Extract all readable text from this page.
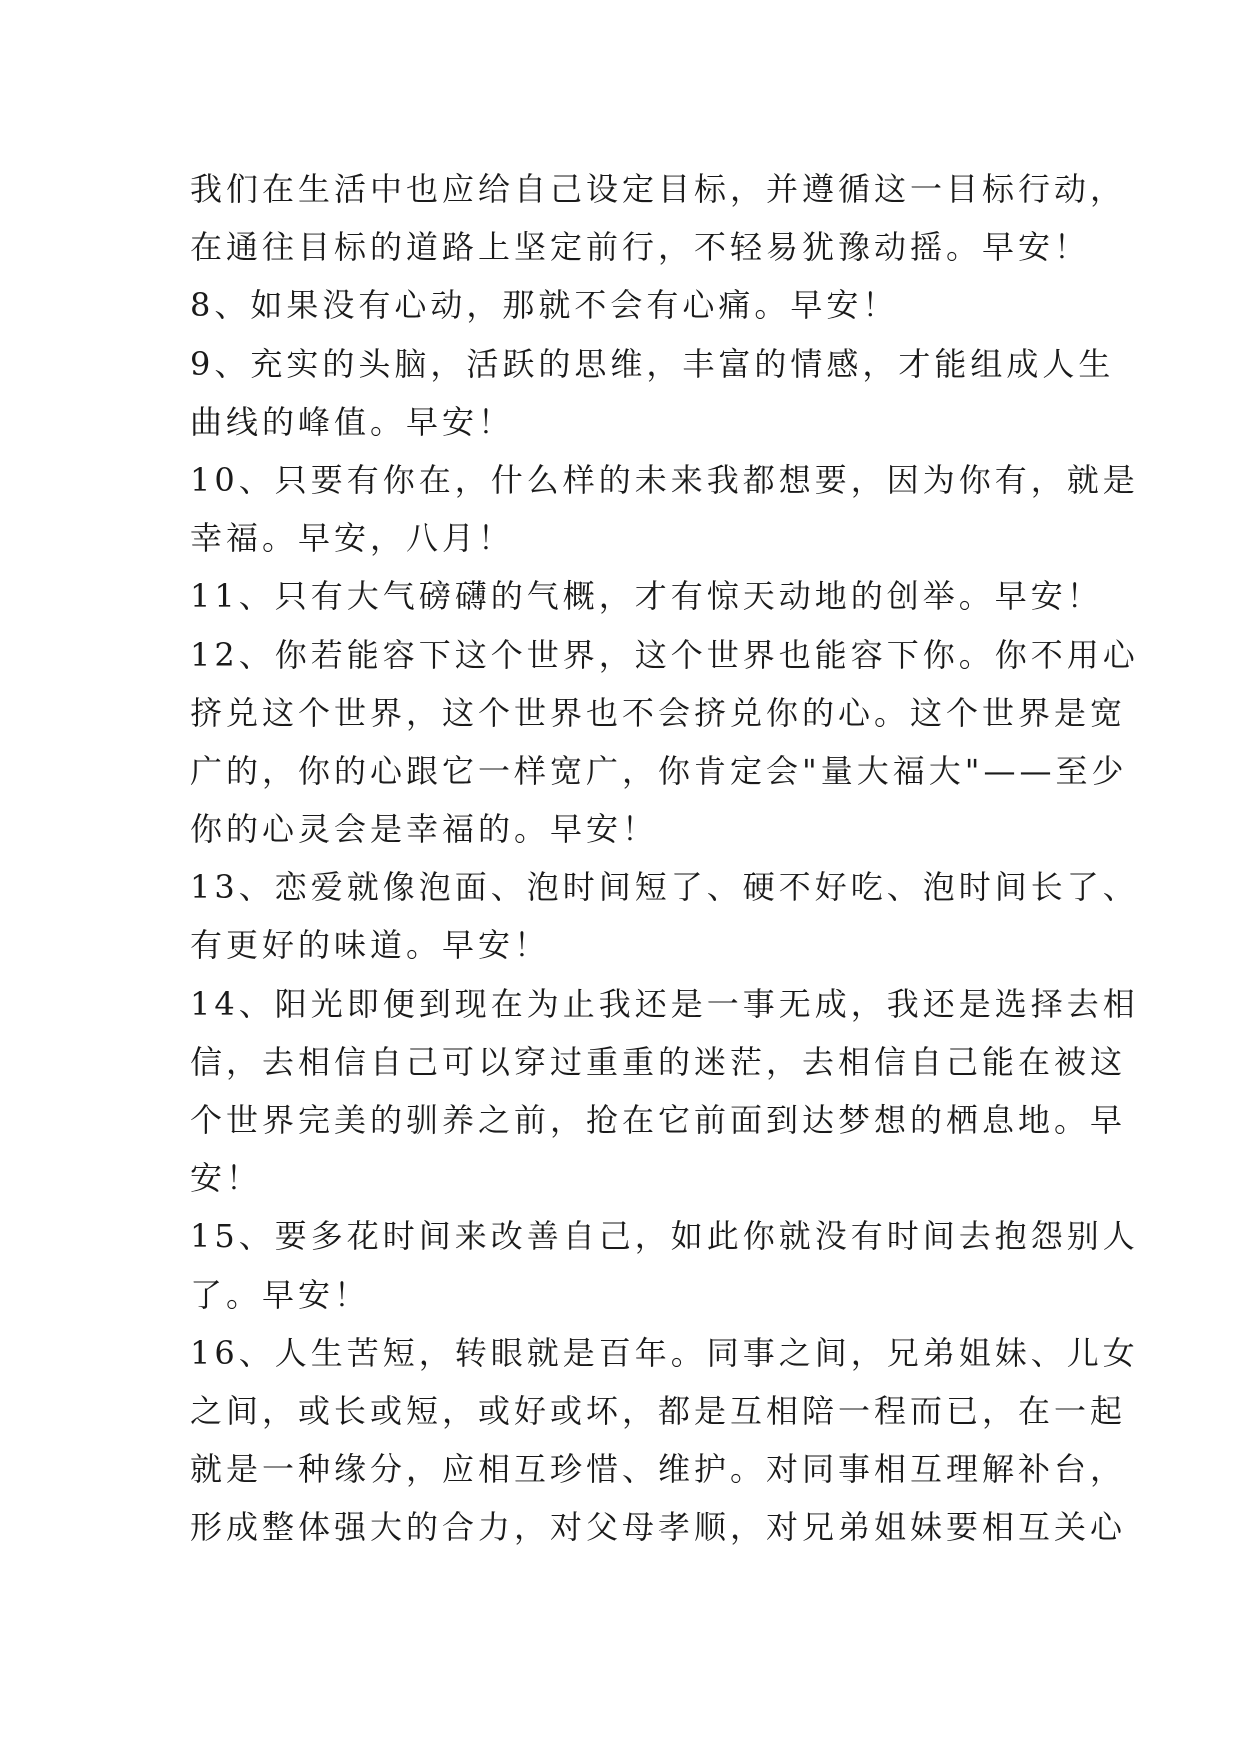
我们在生活中也应给自己设定目标，并遵循这一目标行动，
在通往目标的道路上坚定前行，不轻易犹豫动摇。早安！
8、如果没有心动，那就不会有心痛。早安！
9、充实的头脑，活跃的思维，丰富的情感，才能组成人生
曲线的峰值。早安！
10、只要有你在，什么样的未来我都想要，因为你有，就是
幸福。早安，八月！
11、只有大气磅礴的气概，才有惊天动地的创举。早安！
12、你若能容下这个世界，这个世界也能容下你。你不用心
挤兑这个世界，这个世界也不会挤兑你的心。这个世界是宽
广的，你的心跟它一样宽广，你肯定会"量大福大"——至少
你的心灵会是幸福的。早安！
13、恋爱就像泡面、泡时间短了、硬不好吃、泡时间长了、
有更好的味道。早安！
14、阳光即便到现在为止我还是一事无成，我还是选择去相
信，去相信自己可以穿过重重的迷茫，去相信自己能在被这
个世界完美的驯养之前，抢在它前面到达梦想的栖息地。早
安！
15、要多花时间来改善自己，如此你就没有时间去抱怨别人
了。早安！
16、人生苦短，转眼就是百年。同事之间，兄弟姐妹、儿女
之间，或长或短，或好或坏，都是互相陪一程而已，在一起
就是一种缘分，应相互珍惜、维护。对同事相互理解补台，
形成整体强大的合力，对父母孝顺，对兄弟姐妹要相互关心
